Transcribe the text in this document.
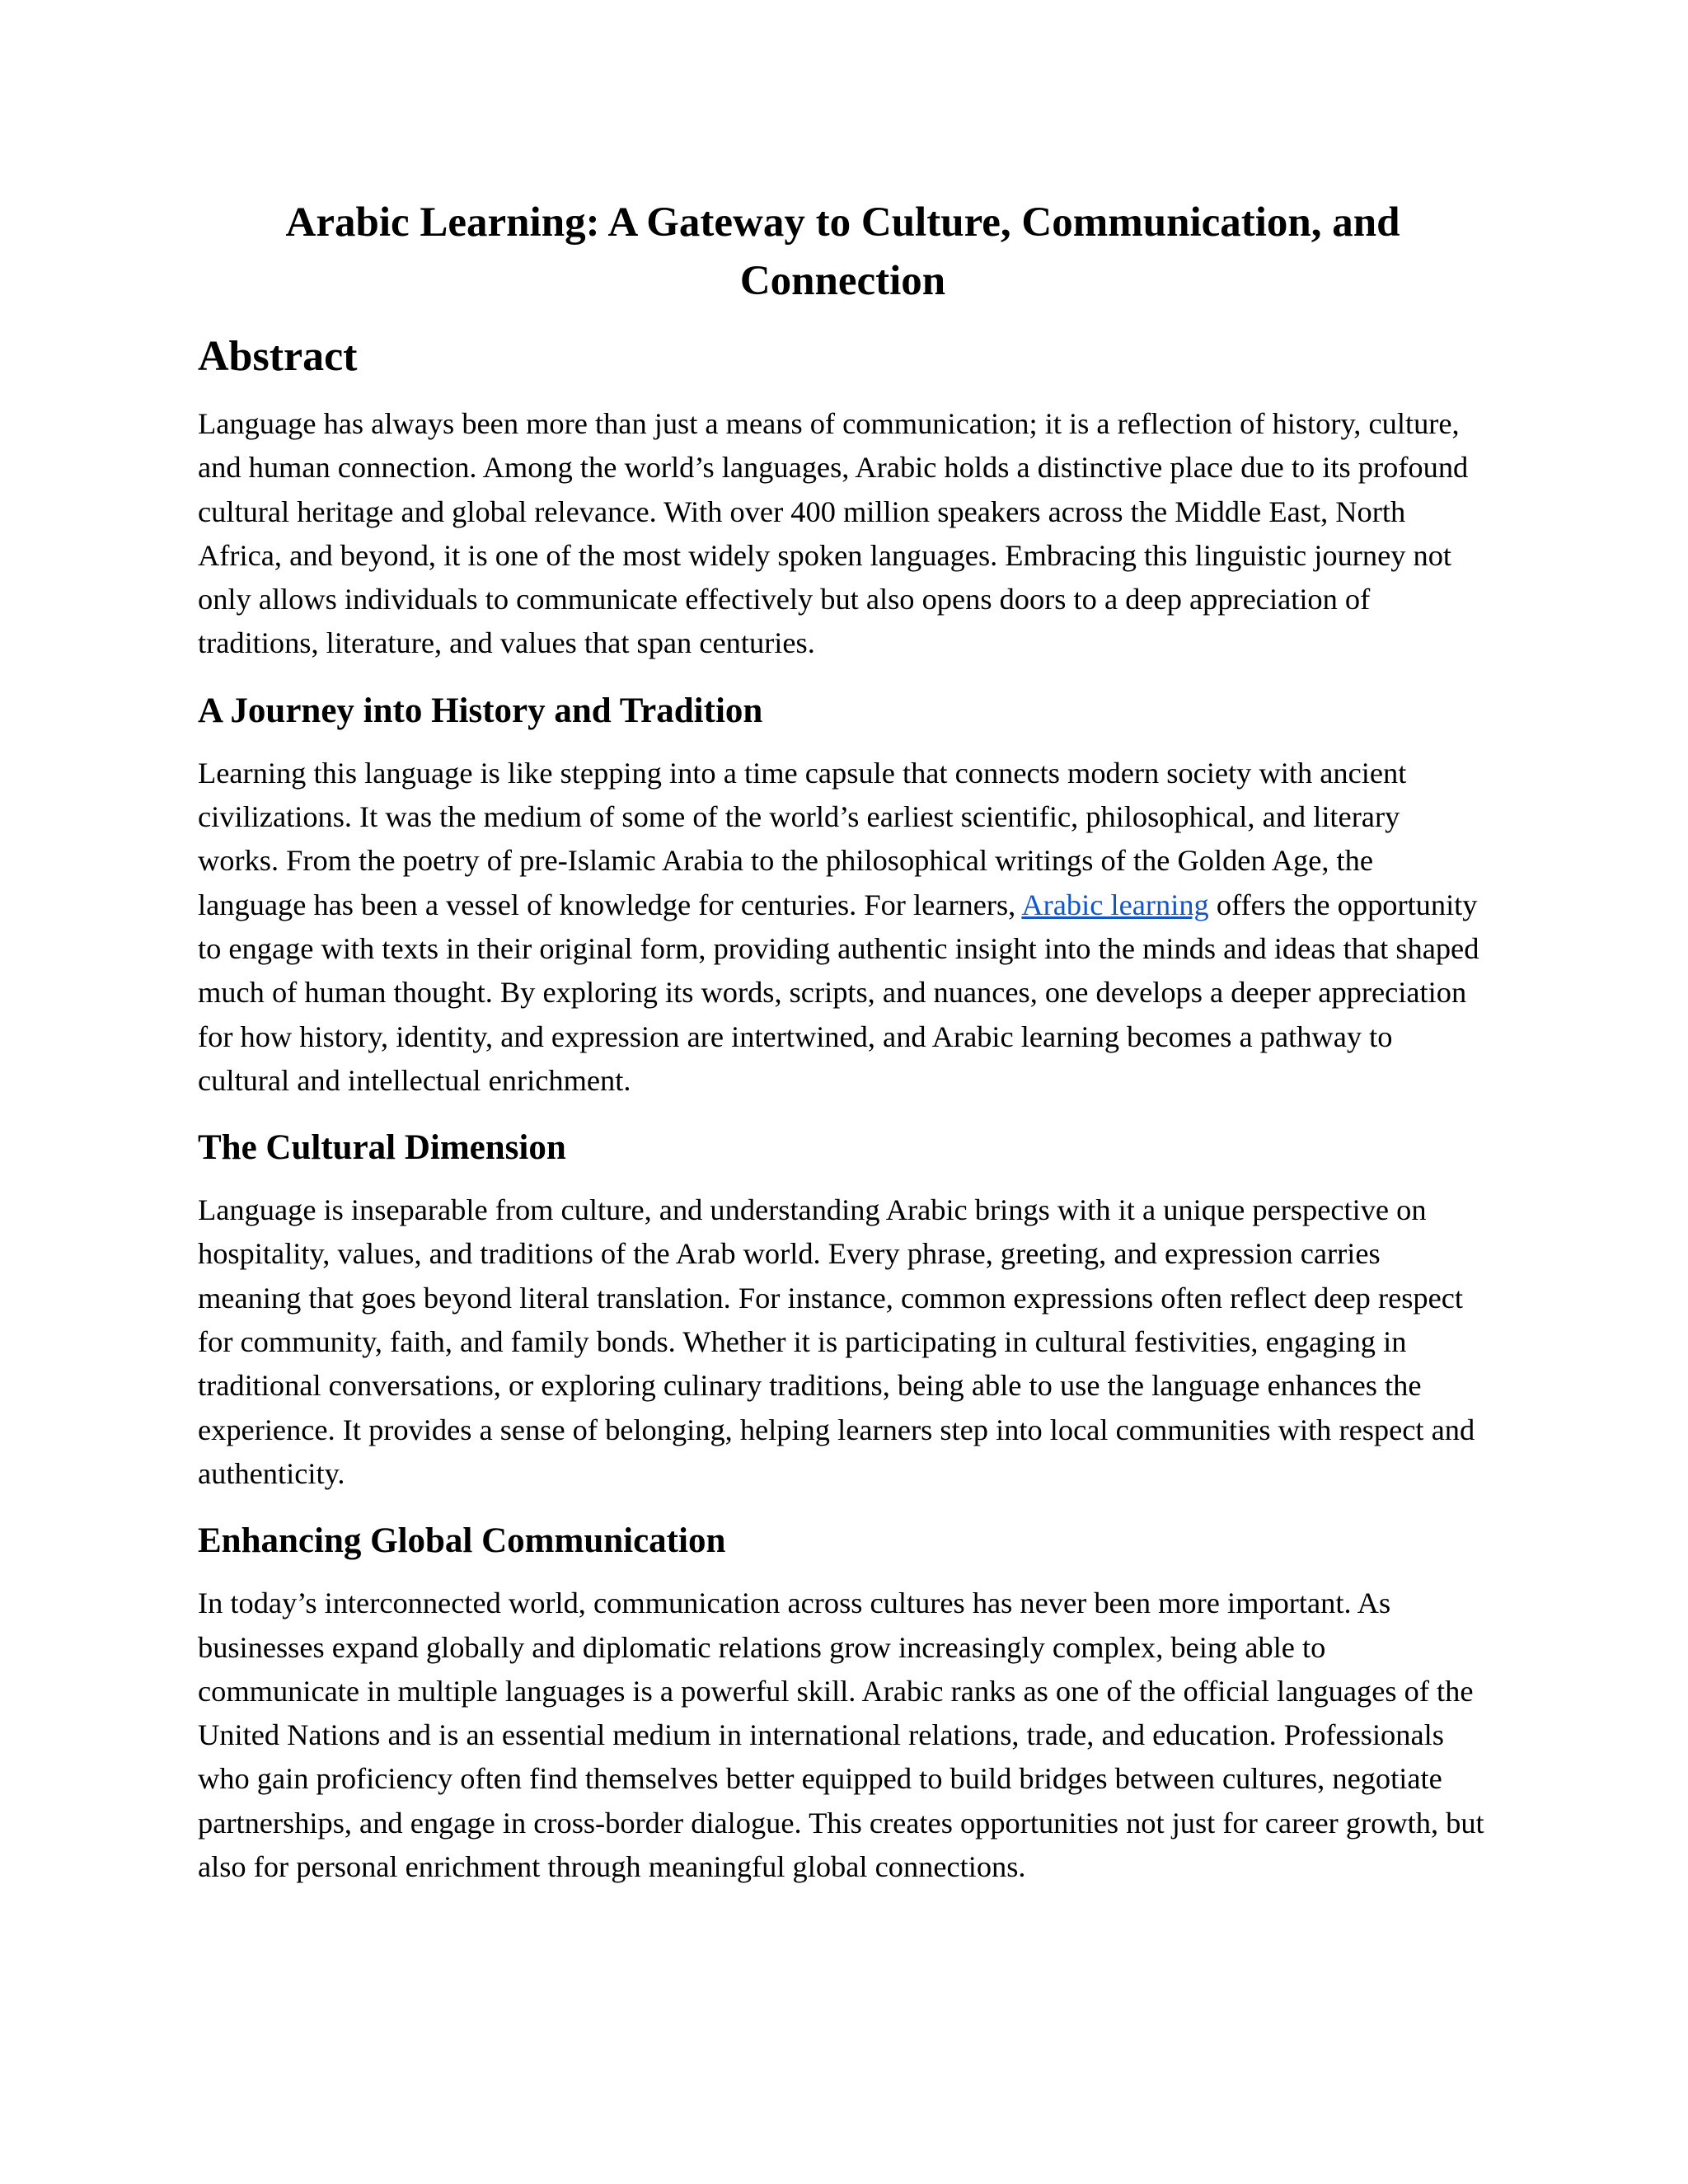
Arabic Learning: A Gateway to Culture, Communication, and Connection
Abstract

Language has always been more than just a means of communication; it is a reflection of history, culture, and human connection. Among the world’s languages, Arabic holds a distinctive place due to its profound cultural heritage and global relevance. With over 400 million speakers across the Middle East, North Africa, and beyond, it is one of the most widely spoken languages. Embracing this linguistic journey not only allows individuals to communicate effectively but also opens doors to a deep appreciation of traditions, literature, and values that span centuries.

A Journey into History and Tradition

Learning this language is like stepping into a time capsule that connects modern society with ancient civilizations. It was the medium of some of the world’s earliest scientific, philosophical, and literary works. From the poetry of pre-Islamic Arabia to the philosophical writings of the Golden Age, the language has been a vessel of knowledge for centuries. For learners, Arabic learning offers the opportunity to engage with texts in their original form, providing authentic insight into the minds and ideas that shaped much of human thought. By exploring its words, scripts, and nuances, one develops a deeper appreciation for how history, identity, and expression are intertwined, and Arabic learning becomes a pathway to cultural and intellectual enrichment.

The Cultural Dimension

Language is inseparable from culture, and understanding Arabic brings with it a unique perspective on hospitality, values, and traditions of the Arab world. Every phrase, greeting, and expression carries meaning that goes beyond literal translation. For instance, common expressions often reflect deep respect for community, faith, and family bonds. Whether it is participating in cultural festivities, engaging in traditional conversations, or exploring culinary traditions, being able to use the language enhances the experience. It provides a sense of belonging, helping learners step into local communities with respect and authenticity.

Enhancing Global Communication

In today’s interconnected world, communication across cultures has never been more important. As businesses expand globally and diplomatic relations grow increasingly complex, being able to communicate in multiple languages is a powerful skill. Arabic ranks as one of the official languages of the United Nations and is an essential medium in international relations, trade, and education. Professionals who gain proficiency often find themselves better equipped to build bridges between cultures, negotiate partnerships, and engage in cross-border dialogue. This creates opportunities not just for career growth, but also for personal enrichment through meaningful global connections.
